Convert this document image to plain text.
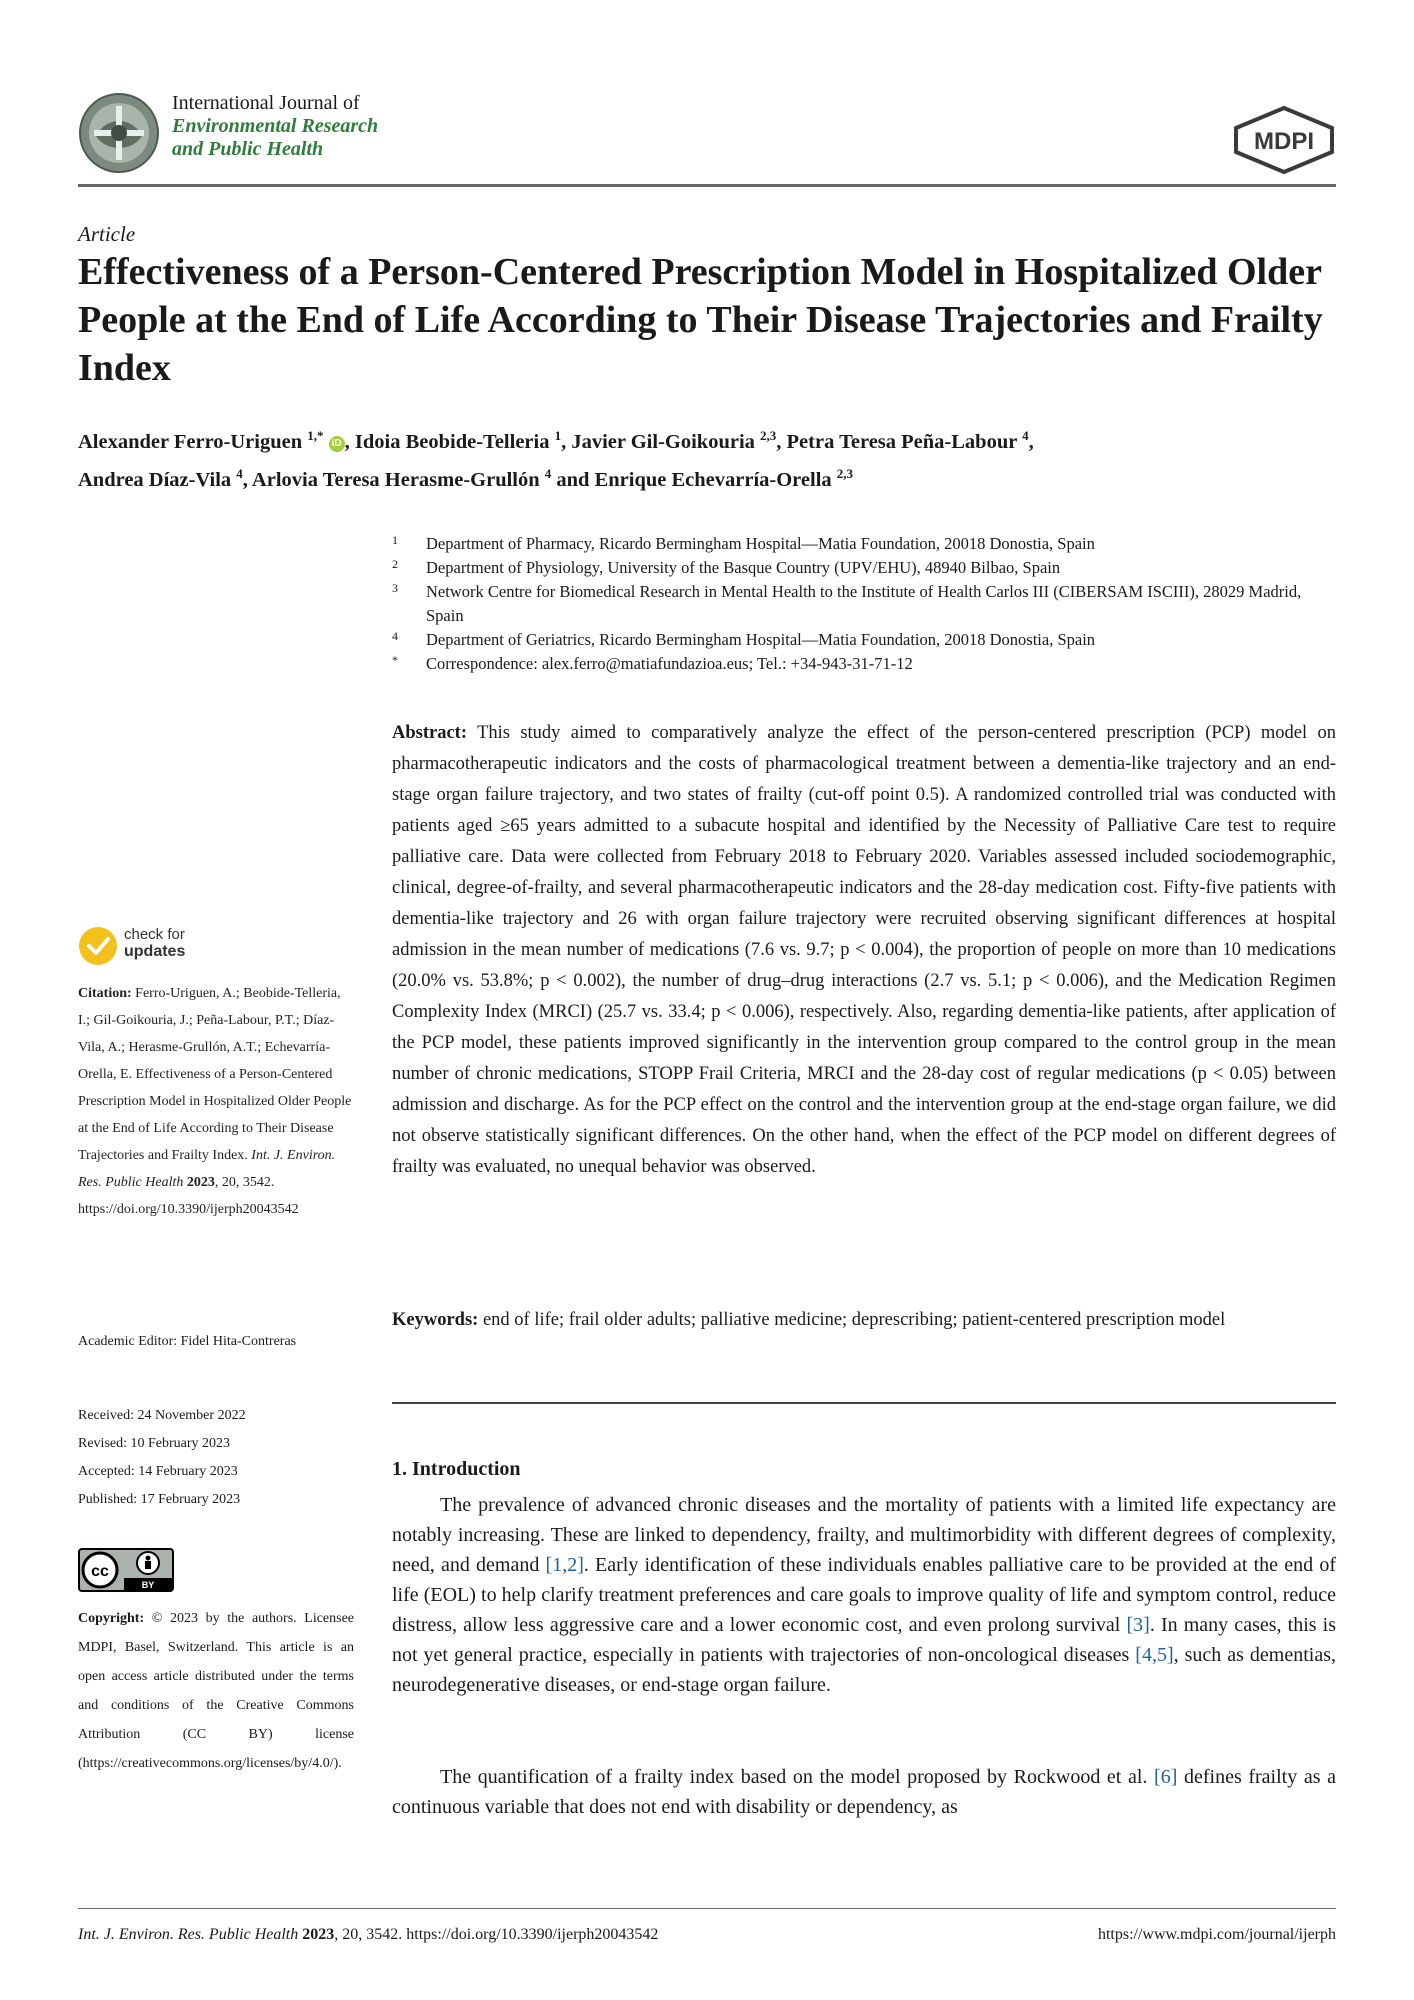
International Journal of
Environmental Research
and Public Health	MDPI
Article
Effectiveness of a Person-Centered Prescription Model in Hospitalized Older People at the End of Life According to Their Disease Trajectories and Frailty Index
Alexander Ferro-Uriguen $^{1,*}$ iD , Idoia Beobide-Telleria $^1$, Javier Gil-Goikouria $^{2,3}$, Petra Teresa Peña-Labour $^4$,
Andrea Díaz-Vila $^4$, Arlovia Teresa Herasme-Grullón $^4$ and Enrique Echevarría-Orella $^{2,3}$
1 Department of Pharmacy, Ricardo Bermingham Hospital—Matia Foundation, 20018 Donostia, Spain
2 Department of Physiology, University of the Basque Country (UPV/EHU), 48940 Bilbao, Spain
3 Network Centre for Biomedical Research in Mental Health to the Institute of Health Carlos III (CIBERSAM ISCIII), 28029 Madrid, Spain
4 Department of Geriatrics, Ricardo Bermingham Hospital—Matia Foundation, 20018 Donostia, Spain
* Correspondence: alex.ferro@matiafundazioa.eus; Tel.: +34-943-31-71-12
Abstract: This study aimed to comparatively analyze the effect of the person-centered prescription (PCP) model on pharmacotherapeutic indicators and the costs of pharmacological treatment between a dementia-like trajectory and an end-stage organ failure trajectory, and two states of frailty (cut-off point 0.5). A randomized controlled trial was conducted with patients aged ≥65 years admitted to a subacute hospital and identified by the Necessity of Palliative Care test to require palliative care. Data were collected from February 2018 to February 2020. Variables assessed included sociodemographic, clinical, degree-of-frailty, and several pharmacotherapeutic indicators and the 28-day medication cost. Fifty-five patients with dementia-like trajectory and 26 with organ failure trajectory were recruited observing significant differences at hospital admission in the mean number of medications (7.6 vs. 9.7; p < 0.004), the proportion of people on more than 10 medications (20.0% vs. 53.8%; p < 0.002), the number of drug–drug interactions (2.7 vs. 5.1; p < 0.006), and the Medication Regimen Complexity Index (MRCI) (25.7 vs. 33.4; p < 0.006), respectively. Also, regarding dementia-like patients, after application of the PCP model, these patients improved significantly in the intervention group compared to the control group in the mean number of chronic medications, STOPP Frail Criteria, MRCI and the 28-day cost of regular medications (p < 0.05) between admission and discharge. As for the PCP effect on the control and the intervention group at the end-stage organ failure, we did not observe statistically significant differences. On the other hand, when the effect of the PCP model on different degrees of frailty was evaluated, no unequal behavior was observed.
Keywords: end of life; frail older adults; palliative medicine; deprescribing; patient-centered prescription model
1. Introduction
The prevalence of advanced chronic diseases and the mortality of patients with a limited life expectancy are notably increasing. These are linked to dependency, frailty, and multimorbidity with different degrees of complexity, need, and demand [1,2]. Early identification of these individuals enables palliative care to be provided at the end of life (EOL) to help clarify treatment preferences and care goals to improve quality of life and symptom control, reduce distress, allow less aggressive care and a lower economic cost, and even prolong survival [3]. In many cases, this is not yet general practice, especially in patients with trajectories of non-oncological diseases [4,5], such as dementias, neurodegenerative diseases, or end-stage organ failure.
The quantification of a frailty index based on the model proposed by Rockwood et al. [6] defines frailty as a continuous variable that does not end with disability or dependency, as
check for
updates
Citation: Ferro-Uriguen, A.; Beobide-Telleria, I.; Gil-Goikouria, J.; Peña-Labour, P.T.; Díaz-Vila, A.; Herasme-Grullón, A.T.; Echevarría-Orella, E. Effectiveness of a Person-Centered Prescription Model in Hospitalized Older People at the End of Life According to Their Disease Trajectories and Frailty Index. Int. J. Environ. Res. Public Health 2023, 20, 3542. https://doi.org/10.3390/ijerph20043542
Academic Editor: Fidel Hita-Contreras
Received: 24 November 2022
Revised: 10 February 2023
Accepted: 14 February 2023
Published: 17 February 2023
cc
BY
Copyright: © 2023 by the authors. Licensee MDPI, Basel, Switzerland. This article is an open access article distributed under the terms and conditions of the Creative Commons Attribution (CC BY) license (https://creativecommons.org/licenses/by/4.0/).
Int. J. Environ. Res. Public Health 2023, 20, 3542. https://doi.org/10.3390/ijerph20043542	https://www.mdpi.com/journal/ijerph
